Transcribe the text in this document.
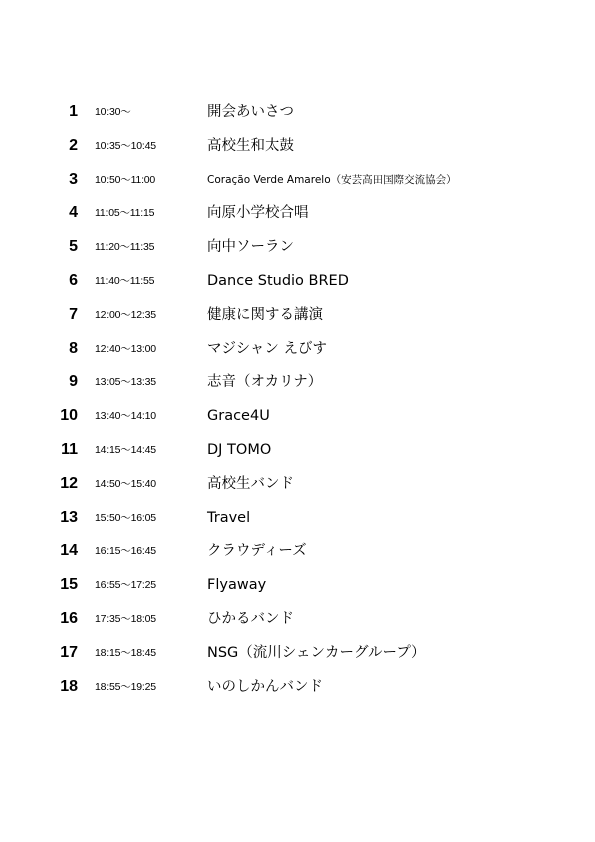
1 10:30～	開会あいさつ
2 10:35～10:45	高校生和太鼓
3 10:50～11:00	Coração Verde Amarelo（安芸高田国際交流協会）
4 11:05～11:15	向原小学校合唱
5 11:20～11:35	向中ソーラン
6 11:40～11:55	Dance Studio BRED
7 12:00～12:35	健康に関する講演
8 12:40～13:00	マジシャン えびす
9 13:05～13:35	志音（オカリナ）
10 13:40～14:10	Grace4U
11 14:15～14:45	DJ TOMO
12 14:50～15:40	高校生バンド
13 15:50～16:05	Travel
14 16:15～16:45	クラウディーズ
15 16:55～17:25	Flyaway
16 17:35～18:05	ひかるバンド
17 18:15～18:45	NSG（流川シェンカーグループ）
18 18:55～19:25	いのしかんバンド
